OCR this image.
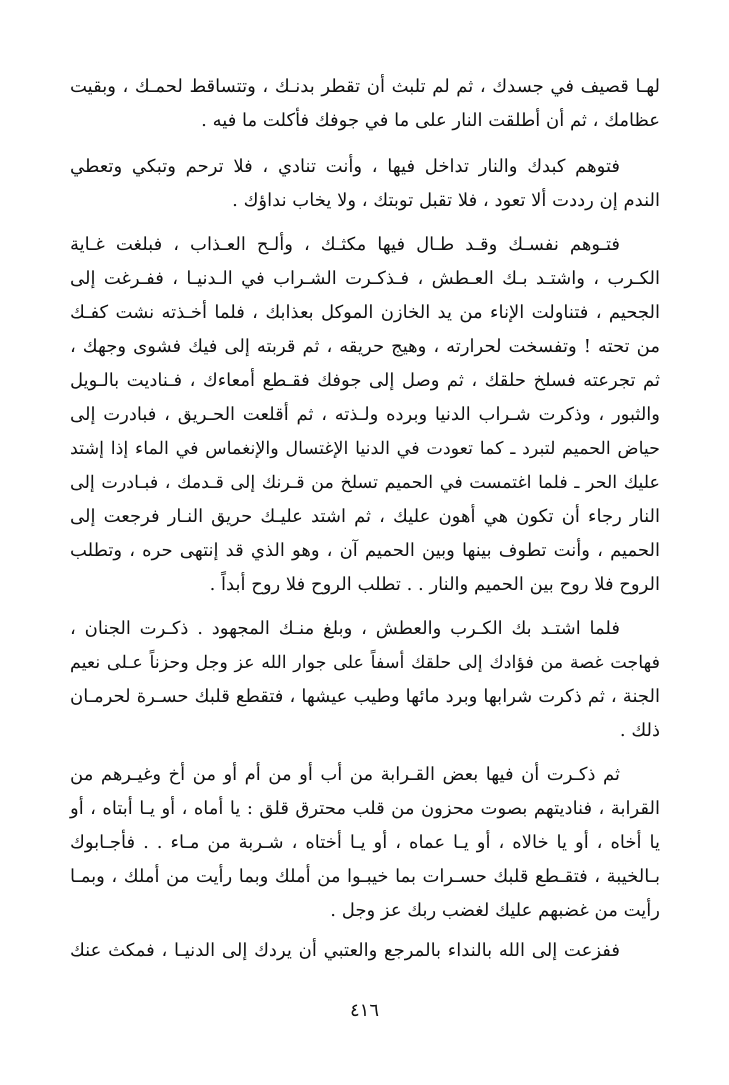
لهـا قصيف في جسدك ، ثم لم تلبث أن تقطر بدنـك ، وتتساقط لحمـك ، وبقيت
عظامك ، ثم أن أطلقت النار على ما في جوفك فأكلت ما فيه .
فتوهم كبدك والنار تداخل فيها ، وأنت تنادي ، فلا ترحم وتبكي وتعطي
الندم إن رددت ألا تعود ، فلا تقبل توبتك ، ولا يخاب نداؤك .
فتـوهم نفسـك وقـد طـال فيها مكثـك ، وألـح العـذاب ، فبلغت غـاية
الكـرب ، واشتـد بـك العـطش ، فـذكـرت الشـراب في الـدنيـا ، ففـرغت إلى
الجحيم ، فتناولت الإناء من يد الخازن الموكل بعذابك ، فلما أخـذته نشت كفـك
من تحته ! وتفسخت لحرارته ، وهيج حريقه ، ثم قربته إلى فيك فشوى وجهك ،
ثم تجرعته فسلخ حلقك ، ثم وصل إلى جوفك فقـطع أمعاءك ، فـناديت بالـويل
والثبور ، وذكرت شـراب الدنيا وبرده ولـذته ، ثم أقلعت الحـريق ، فبادرت إلى
حياض الحميم لتبرد ـ كما تعودت في الدنيا الإغتسال والإنغماس في الماء إذا إشتد
عليك الحر ـ فلما اغتمست في الحميم تسلخ من قـرنك إلى قـدمك ، فبـادرت إلى
النار رجاء أن تكون هي أهون عليك ، ثم اشتد عليـك حريق النـار فرجعت إلى
الحميم ، وأنت تطوف بينها وبين الحميم آن ، وهو الذي قد إنتهى حره ، وتطلب
الروح فلا روح بين الحميم والنار . . تطلب الروح فلا روح أبداً .
فلما اشتـد بك الكـرب والعطش ، وبلغ منـك المجهود . ذكـرت الجنان ،
فهاجت غصة من فؤادك إلى حلقك أسفاً على جوار الله عز وجل وحزناً عـلى نعيم
الجنة ، ثم ذكرت شرابها وبرد مائها وطيب عيشها ، فتقطع قلبك حسـرة لحرمـان
ذلك .
ثم ذكـرت أن فيها بعض القـرابة من أب أو من أم أو من أخ وغيـرهم من
القرابة ، فناديتهم بصوت محزون من قلب محترق قلق : يا أماه ، أو يـا أبتاه ، أو
يا أخاه ، أو يا خالاه ، أو يـا عماه ، أو يـا أختاه ، شـربة من مـاء . . فأجـابوك
بـالخيبة ، فتقـطع قلبك حسـرات بما خيبـوا من أملك وبما رأيت من أملك ، وبمـا
رأيت من غضبهم عليك لغضب ربك عز وجل .
ففزعت إلى الله بالنداء بالمرجع والعتبي أن يردك إلى الدنيـا ، فمكث عنك
٤١٦
